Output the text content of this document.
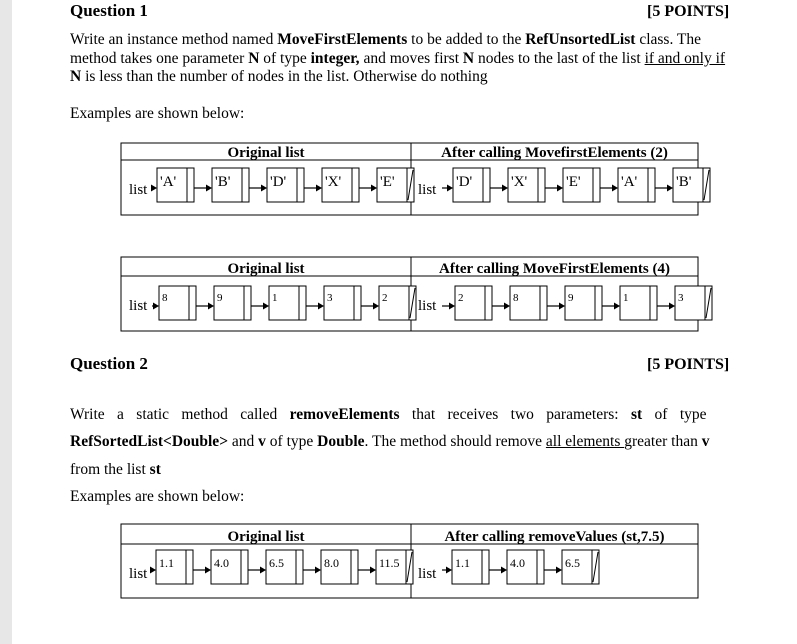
Question 1	[5 POINTS]
Write an instance method named MoveFirstElements to be added to the RefUnsortedList class. The
method takes one parameter N of type integer, and moves first N nodes to the last of the list if and only if
N is less than the number of nodes in the list. Otherwise do nothing
Examples are shown below:
Question 2	[5 POINTS]
Write a static method called removeElements that receives two parameters: st of type
RefSortedList<Double> and v of type Double. The method should remove all elements greater than v
from the list st
Examples are shown below:
Original list	After calling MovefirstElements (2)
list 'A'	'B'	'D'	'X'	'E' list 'D'	'X'	'E'	'A'	'B'
Original list	After calling MoveFirstElements (4)
list 8	9	1	3	2 list 2	8	9	1	3
Original list	After calling removeValues (st,7.5)
list
1.1	4.0	6.5	8.0	11.5
list
1.1	4.0	6.5
